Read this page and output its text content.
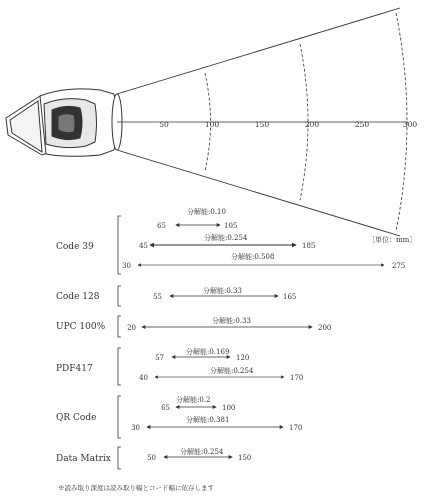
50	100	150	200	250	300
［単位：mm］
Code 39
分解能:0.10
65	105
分解能:0.254
45	185
分解能:0.508
30	275
Code 128
分解能:0.33
55	165
UPC 100%
分解能:0.33
20	200
PDF417
分解能:0.169
57	120
分解能:0.254
40	170
QR Code
分解能:0.2
65	100
分解能:0.381
30	170
Data Matrix
分解能:0.254
50	150
※読み取り深度は読み取り幅とコード幅に依存します
